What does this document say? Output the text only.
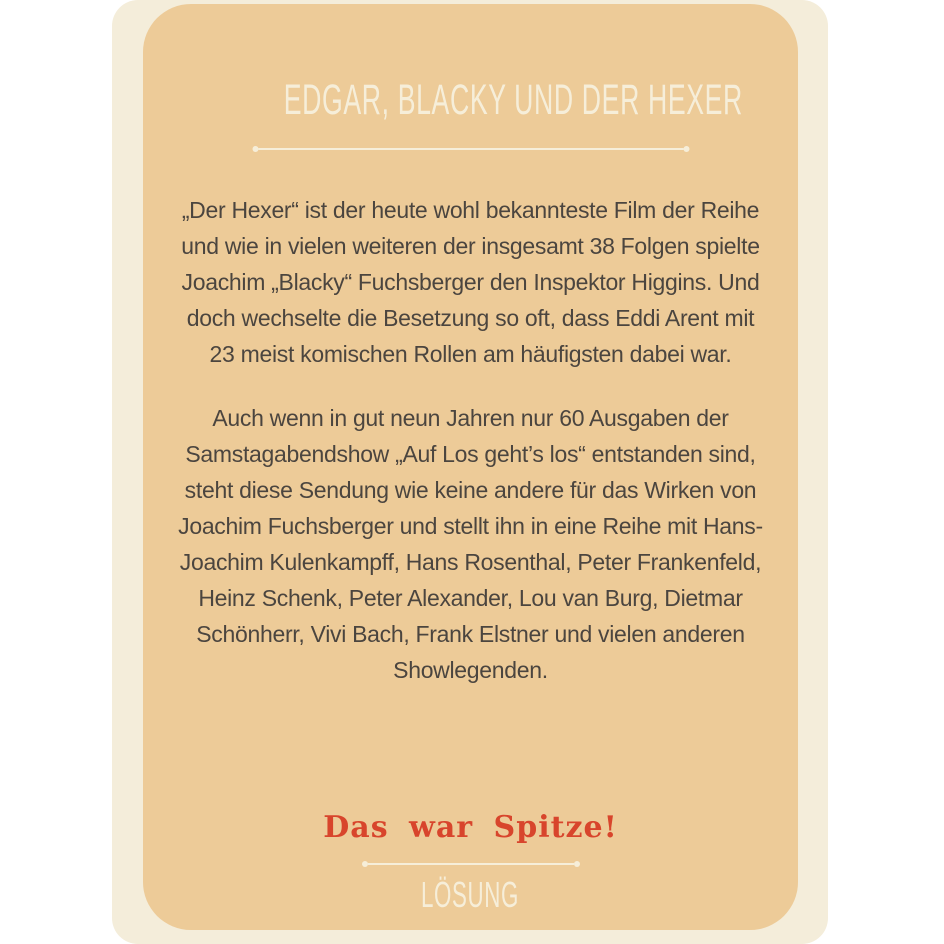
EDGAR, BLACKY UND DER HEXER
„Der Hexer“ ist der heute wohl bekannteste Film der Reihe
und wie in vielen weiteren der insgesamt 38 Folgen spielte
Joachim „Blacky“ Fuchsberger den Inspektor Higgins. Und
doch wechselte die Besetzung so oft, dass Eddi Arent mit
23 meist komischen Rollen am häufigsten dabei war.
Auch wenn in gut neun Jahren nur 60 Ausgaben der
Samstagabendshow „Auf Los geht’s los“ entstanden sind,
steht diese Sendung wie keine andere für das Wirken von
Joachim Fuchsberger und stellt ihn in eine Reihe mit Hans-
Joachim Kulenkampff, Hans Rosenthal, Peter Frankenfeld,
Heinz Schenk, Peter Alexander, Lou van Burg, Dietmar
Schönherr, Vivi Bach, Frank Elstner und vielen anderen
Showlegenden.
Das war Spitze!
LÖSUNG
